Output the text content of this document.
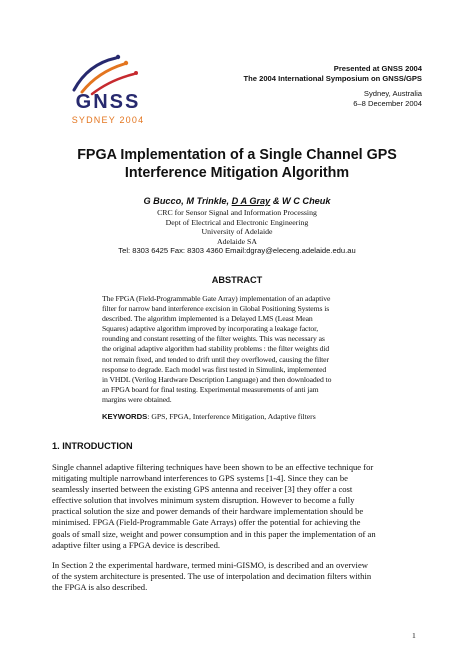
GNSS
SYDNEY 2004
Presented at GNSS 2004
The 2004 International Symposium on GNSS/GPS
Sydney, Australia
6–8 December 2004
FPGA Implementation of a Single Channel GPS
Interference Mitigation Algorithm
G Bucco, M Trinkle, D A Gray & W C Cheuk
CRC for Sensor Signal and Information Processing
Dept of Electrical and Electronic Engineering
University of Adelaide
Adelaide SA
Tel: 8303 6425 Fax: 8303 4360 Email:dgray@eleceng.adelaide.edu.au
ABSTRACT
The FPGA (Field-Programmable Gate Array) implementation of an adaptive
filter for narrow band interference excision in Global Positioning Systems is
described. The algorithm implemented is a Delayed LMS (Least Mean
Squares) adaptive algorithm improved by incorporating a leakage factor,
rounding and constant resetting of the filter weights. This was necessary as
the original adaptive algorithm had stability problems : the filter weights did
not remain fixed, and tended to drift until they overflowed, causing the filter
response to degrade. Each model was first tested in Simulink, implemented
in VHDL (Verilog Hardware Description Language) and then downloaded to
an FPGA board for final testing. Experimental measurements of anti jam
margins were obtained.
KEYWORDS: GPS, FPGA, Interference Mitigation, Adaptive filters
1. INTRODUCTION
Single channel adaptive filtering techniques have been shown to be an effective technique for
mitigating multiple narrowband interferences to GPS systems [1-4]. Since they can be
seamlessly inserted between the existing GPS antenna and receiver [3] they offer a cost
effective solution that involves minimum system disruption. However to become a fully
practical solution the size and power demands of their hardware implementation should be
minimised. FPGA (Field-Programmable Gate Arrays) offer the potential for achieving the
goals of small size, weight and power consumption and in this paper the implementation of an
adaptive filter using a FPGA device is described.
In Section 2 the experimental hardware, termed mini-GISMO, is described and an overview
of the system architecture is presented. The use of interpolation and decimation filters within
the FPGA is also described.
1
